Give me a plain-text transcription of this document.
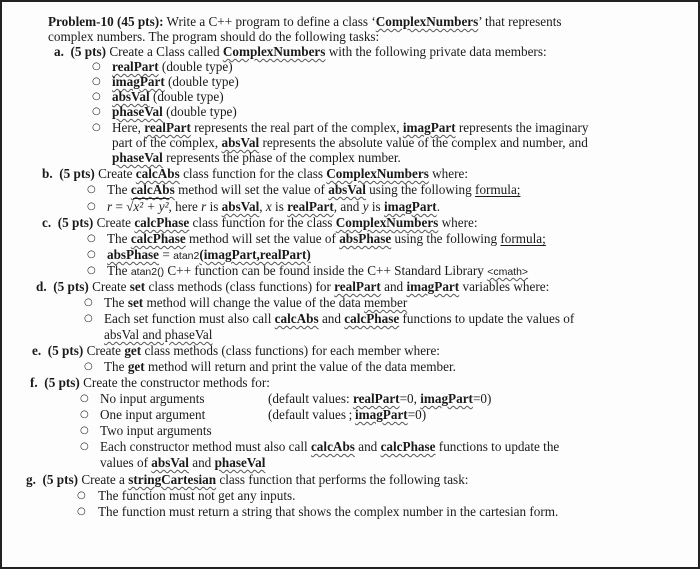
Problem-10 (45 pts): Write a C++ program to define a class ‘ComplexNumbers’ that represents
complex numbers. The program should do the following tasks:
a. (5 pts) Create a Class called ComplexNumbers with the following private data members:
○ realPart (double type)
○ imagPart (double type)
○ absVal (double type)
○ phaseVal (double type)
○ Here, realPart represents the real part of the complex, imagPart represents the imaginary
part of the complex, absVal represents the absolute value of the complex and number, and
phaseVal represents the phase of the complex number.
b. (5 pts) Create calcAbs class function for the class ComplexNumbers where:
○ The calcAbs method will set the value of absVal using the following formula;
○ r = √x² + y², here r is absVal, x is realPart, and y is imagPart.
c. (5 pts) Create calcPhase class function for the class ComplexNumbers where:
○ The calcPhase method will set the value of absPhase using the following formula;
○ absPhase = atan2(imagPart,realPart)
○ The atan2() C++ function can be found inside the C++ Standard Library <cmath>
d. (5 pts) Create set class methods (class functions) for realPart and imagPart variables where:
○ The set method will change the value of the data member
○ Each set function must also call calcAbs and calcPhase functions to update the values of
absVal and phaseVal
e. (5 pts) Create get class methods (class functions) for each member where:
○ The get method will return and print the value of the data member.
f. (5 pts) Create the constructor methods for:
○ No input arguments	(default values: realPart=0, imagPart=0)
○ One input argument	(default values ; imagPart=0)
○ Two input arguments
○ Each constructor method must also call calcAbs and calcPhase functions to update the
values of absVal and phaseVal
g. (5 pts) Create a stringCartesian class function that performs the following task:
○ The function must not get any inputs.
○ The function must return a string that shows the complex number in the cartesian form.
